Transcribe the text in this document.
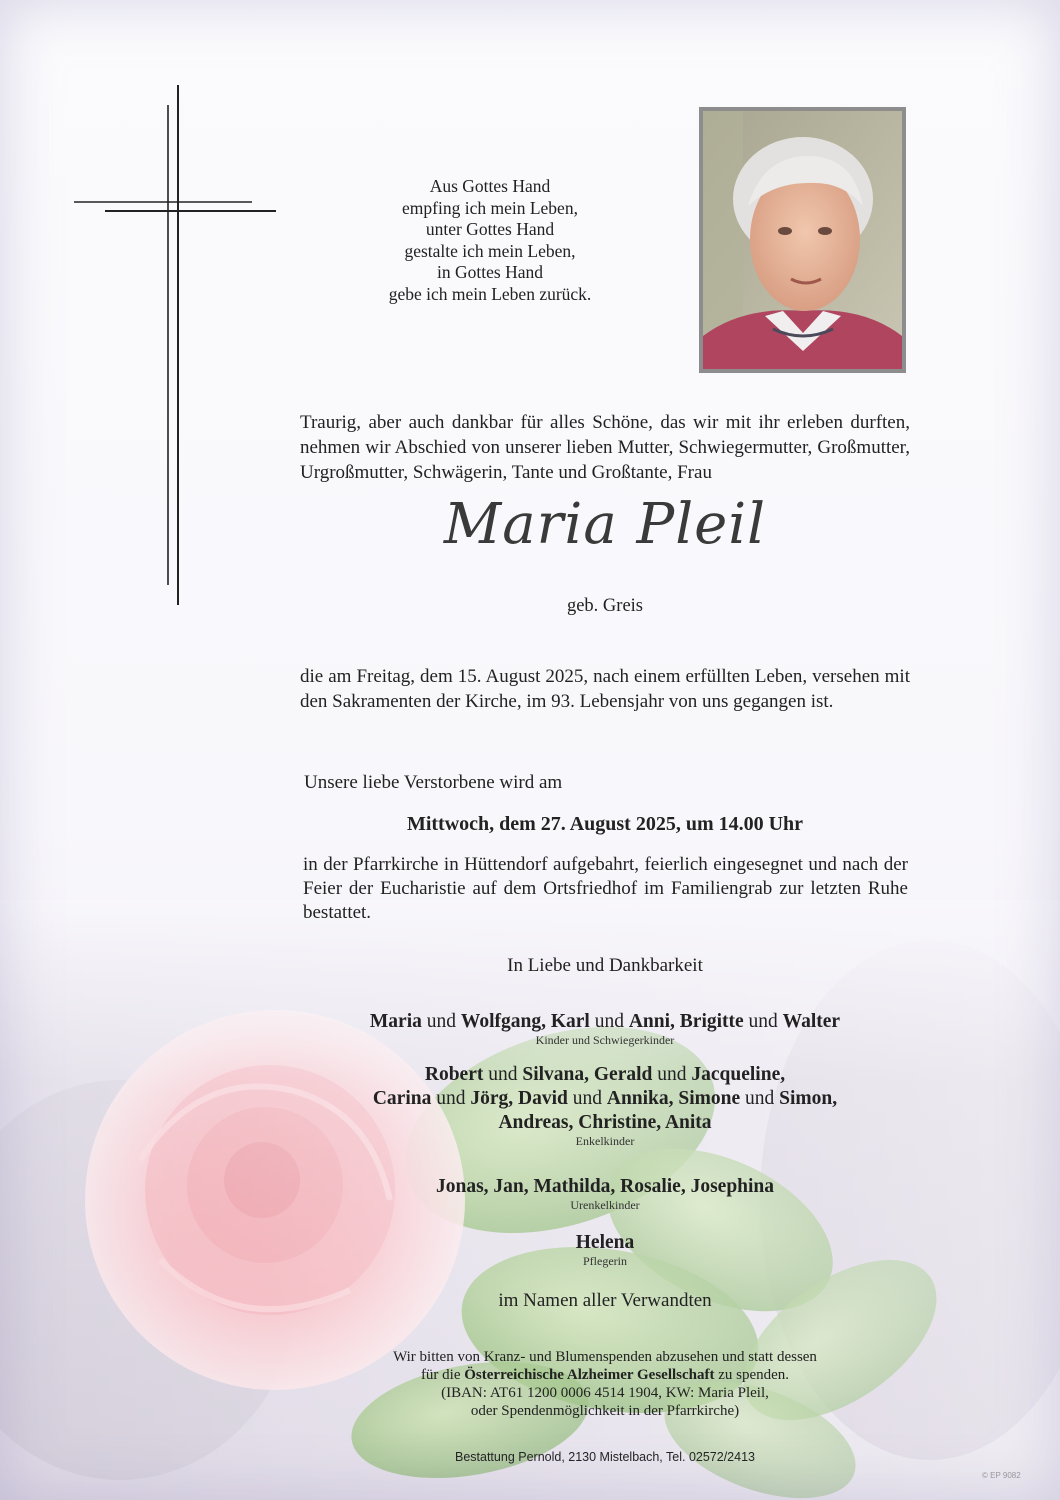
Aus Gottes Hand
empfing ich mein Leben,
unter Gottes Hand
gestalte ich mein Leben,
in Gottes Hand
gebe ich mein Leben zurück.
Traurig, aber auch dankbar für alles Schöne, das wir mit ihr erleben durften, nehmen wir Abschied von unserer lieben Mutter, Schwiegermutter, Großmutter, Urgroßmutter, Schwägerin, Tante und Großtante, Frau
Maria Pleil
geb. Greis
die am Freitag, dem 15. August 2025, nach einem erfüllten Leben, versehen mit den Sakramenten der Kirche, im 93. Lebensjahr von uns gegangen ist.
Unsere liebe Verstorbene wird am
Mittwoch, dem 27. August 2025, um 14.00 Uhr
in der Pfarrkirche in Hüttendorf aufgebahrt, feierlich eingesegnet und nach der Feier der Eucharistie auf dem Ortsfriedhof im Familiengrab zur letzten Ruhe bestattet.
In Liebe und Dankbarkeit
Maria und Wolfgang, Karl und Anni, Brigitte und Walter
Kinder und Schwiegerkinder
Robert und Silvana, Gerald und Jacqueline,
Carina und Jörg, David und Annika, Simone und Simon,
Andreas, Christine, Anita
Enkelkinder
Jonas, Jan, Mathilda, Rosalie, Josephina
Urenkelkinder
Helena
Pflegerin
im Namen aller Verwandten
Wir bitten von Kranz- und Blumenspenden abzusehen und statt dessen
für die Österreichische Alzheimer Gesellschaft zu spenden.
(IBAN: AT61 1200 0006 4514 1904, KW: Maria Pleil,
oder Spendenmöglichkeit in der Pfarrkirche)
Bestattung Pernold, 2130 Mistelbach, Tel. 02572/2413
© EP 9082
